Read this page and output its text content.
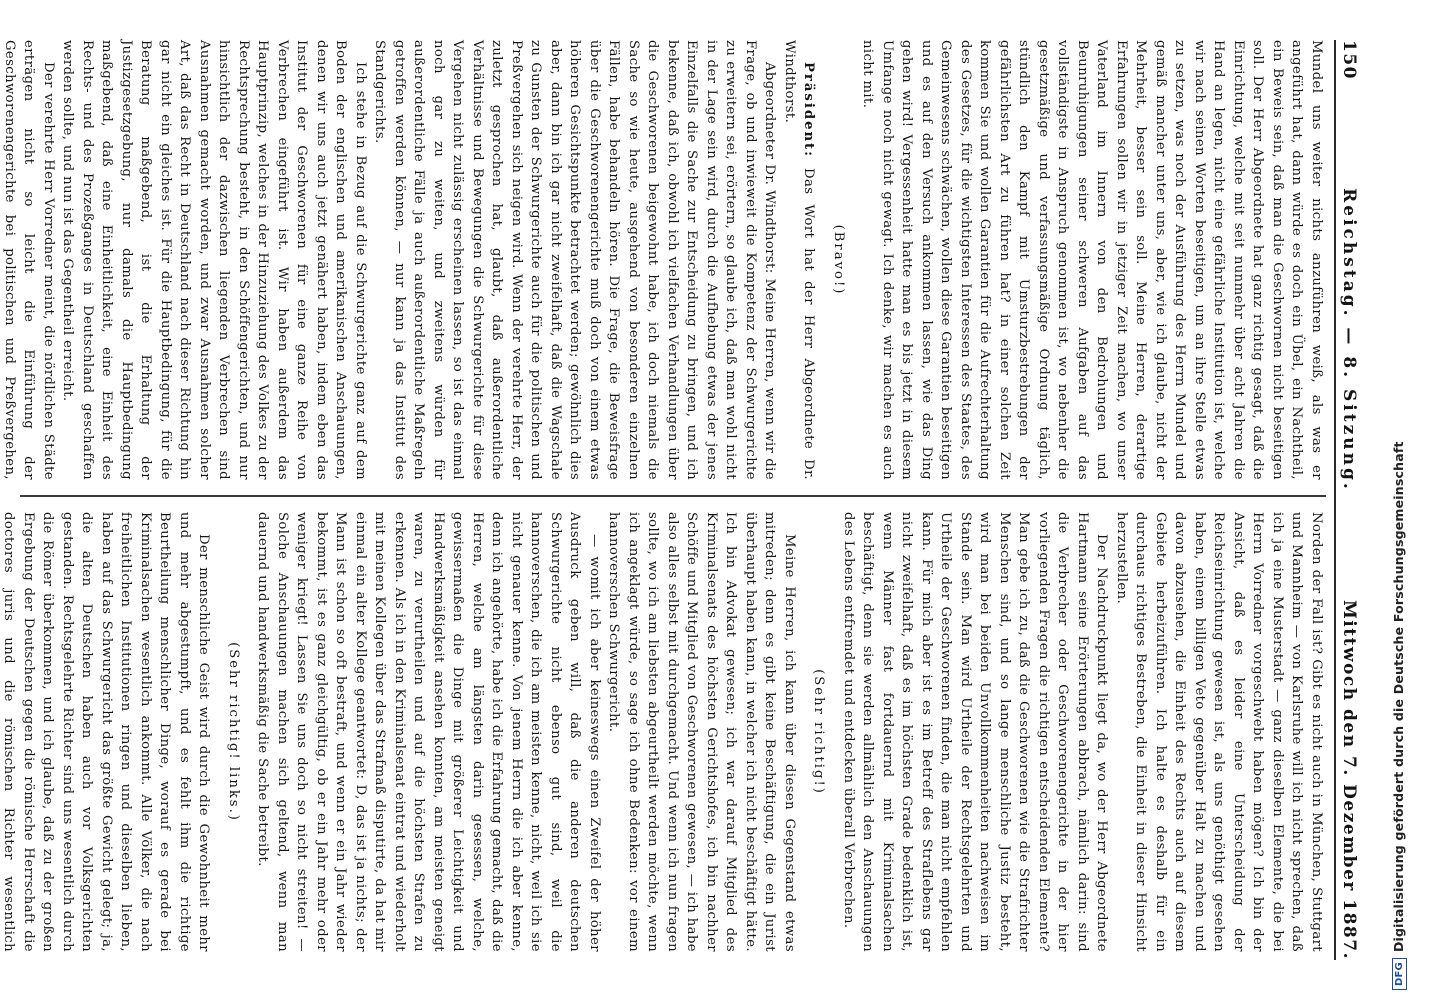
150
Reichstag. — 8. Sitzung.
Mittwoch den 7. Dezember 1887.

Mundel uns weiter nichts anzuführen weiß, als was er angeführt hat, dann würde es doch ein Übel, ein Nachtheil, ein Beweis sein, daß man die Geschwornen nicht beseitigen soll. Der Herr Abgeordnete hat ganz richtig gesagt, daß die Einrichtung, welche mit seit nunmehr über acht Jahren die Hand an legen, nicht eine gefährliche Institution ist, welche wir nach seinen Worten beseitigen, um an ihre Stelle etwas zu setzen, was noch der Ausführung des Herrn Mundel und gemäß mancher unter uns, aber, wie ich glaube, nicht der Mehrheit, besser sein soll. Meine Herren, derartige Erfahrungen sollen wir in jetziger Zeit machen, wo unser Vaterland im Innern von den Bedrohungen und Beunruhigungen seiner schweren Aufgaben auf das vollständigste in Anspruch genommen ist, wo nebenher die gesetzmäßige und verfassungsmäßige Ordnung täglich, stündlich den Kampf mit Umsturzbestrebungen der gefährlichsten Art zu führen hat? in einer solchen Zeit kommen Sie und wollen Garantien für die Aufrechterhaltung des Gesetzes, für die wichtigsten Interessen des Staates, des Gemeinwesens schwächen, wollen diese Garantien beseitigen und es auf den Versuch ankommen lassen, wie das Ding gehen wird! Vergessenheit hatte man es bis jetzt in diesem Umfange noch nicht gewagt. Ich denke, wir machen es auch nicht mit.

(Bravo!)

Präsident: Das Wort hat der Herr Abgeordnete Dr. Windthorst.

Abgeordneter Dr. Windthorst: Meine Herren, wenn wir die Frage, ob und inwieweit die Kompetenz der Schwurgerichte zu erweitern sei, erörtern, so glaube ich, daß man wohl nicht in der Lage sein wird, durch die Aufhebung etwas der jenes Einzelfalls die Sache zur Entscheidung zu bringen, und ich bekenne, daß ich, obwohl ich vielfachen Verhandlungen über die Geschworenen beigewohnt habe, ich doch niemals die Sache so wie heute, ausgehend von besonderen einzelnen Fällen, habe behandeln hören. Die Frage, die Beweisfrage über die Geschworenengerichte muß doch von einem etwas höheren Gesichtspunkte betrachtet werden; gewöhnlich dies aber, dann bin ich gar nicht zweifelhaft, daß die Wagschale zu Gunsten der Schwurgerichte auch für die politischen und Preßvergehen sich neigen wird. Wenn der verehrte Herr, der zuletzt gesprochen hat, glaubt, daß außerordentliche Verhältnisse und Bewegungen die Schwurgerichte für diese Vergehen nicht zulässig erscheinen lassen, so ist das einmal noch gar zu weiten, und zweitens würden für außerordentliche Fälle ja auch außerordentliche Maßregeln getroffen werden können, — nur kann ja das Institut des Standgerichts.

Ich stehe in Bezug auf die Schwurgerichte ganz auf dem Boden der englischen und amerikanischen Anschauungen, denen wir uns auch jetzt genähert haben, indem eben das Institut der Geschworenen für eine ganze Reihe von Verbrechen eingeführt ist. Wir haben außerdem das Hauptprinzip, welches in der Hinzuziehung des Volkes zu der Rechtsprechung besteht, in den Schöffengerichten, und nur hinsichtlich der dazwischen liegenden Verbrechen sind Ausnahmen gemacht worden, und zwar Ausnahmen solcher Art, daß das Recht in Deutschland nach dieser Richtung hin gar nicht ein gleiches ist. Für die Hauptbedingung, für die Beratung maßgebend, ist die Erhaltung der Justizgesetzgebung, nur damals die Hauptbedingung maßgebend, daß eine Einheitlichkeit, eine Einheit des Rechts- und des Prozeßganges in Deutschland geschaffen werden sollte, und nun ist das Gegentheil erreicht.

Der verehrte Herr Vorredner meint, die nördlichen Städte erträgen nicht so leicht die Einführung der Geschworenengerichte bei politischen und Preßvergehen,

Norden der Fall ist? Gibt es nicht auch in München, Stuttgart und Mannheim — von Karlsruhe will ich nicht sprechen, daß ich ja eine Musterstadt — ganz dieselben Elemente, die bei Herrn Vorredner vorgeschwebt haben mögen? Ich bin der Ansicht, daß es leider eine Unterscheidung der Reichseinrichtung gewesen ist, als uns genöthigt gesehen haben, einem billigen Veto gegenüber Halt zu machen und davon abzusehen, die Einheit des Rechts auch auf diesem Gebiete herbeizuführen. Ich halte es deshalb für ein durchaus richtiges Bestreben, die Einheit in dieser Hinsicht herzustellen.

Der Nachdruckpunkt liegt da, wo der Herr Abgeordnete Hartmann seine Erörterungen abbrach, nämlich darin: sind die Verbrecher oder Geschworenengerichte in der hier vorliegenden Fragen die richtigen entscheidenden Elemente? Man gebe ich zu, daß die Geschworenen wie die Strafrichter Menschen sind, und so lange menschliche Justiz besteht, wird man bei beiden Unvollkommenheiten nachweisen im Stande sein. Man wird Urtheile der Rechtsgelehrten und Urtheile der Geschworenen finden, die man nicht empfehlen kann. Für mich aber ist es im Betreff des Straflebens gar nicht zweifelhaft, daß es im höchsten Grade bedenklich ist, wenn Männer fast fortdauernd mit Kriminalsachen beschäftigt, denn sie werden allmählich den Anschauungen des Lebens entfremdet und entdecken überall Verbrechen.

(Sehr richtig!)

Meine Herren, ich kann über diesen Gegenstand etwas mitreden; denn es gibt keine Beschäftigung, die ein Jurist überhaupt haben kann, in welcher ich nicht beschäftigt hätte. Ich bin Advokat gewesen; ich war darauf Mitglied des Kriminalsenats des höchsten Gerichtshofes, ich bin nachher Schöffe und Mitglied von Geschworenen gewesen, — ich habe also alles selbst mit durchgemacht. Und wenn ich nun fragen sollte, wo ich am liebsten abgeurtheilt werden möchte, wenn ich angeklagt würde, so sage ich ohne Bedenken: vor einem hannoverschen Schwurgericht.

— womit ich aber keineswegs einen Zweifel der höher Ausdruck geben will, daß die anderen deutschen Schwurgerichte nicht ebenso gut sind, weil die hannoverschen, die ich am meisten kenne, nicht, weil ich sie nicht genauer kenne. Von jenem Herrn die ich aber kenne, denn ich angehörte, habe ich die Erfahrung gemacht, daß die Herren, welche am längsten darin gesessen, welche, gewissermaßen die Dinge mit größerer Leichtigkeit und Handwerksmäßigkeit ansehen konnten, am meisten geneigt waren, zu verurtheilen und auf die höchsten Strafen zu erkennen. Als ich in den Kriminalsenat eintrat und wiederholt mit meinen Kollegen über das Strafmaß disputirte, da hat mir einmal ein alter Kollege geantwortet: D, das ist ja nichts; der Mann ist schon so oft bestraft, und wenn er ein Jahr wieder bekommt, ist es ganz gleichgültig, ob er ein Jahr mehr oder weniger kriegt! Lassen Sie uns doch so nicht streiten! — Solche Anschauungen machen sich geltend, wenn man dauernd und handwerksmäßig die Sache betreibt.

(Sehr richtig! links.)

Der menschliche Geist wird durch die Gewohnheit mehr und mehr abgestumpft, und es fehlt ihm die richtige Beurtheilung menschlicher Dinge, worauf es gerade bei Kriminalsachen wesentlich ankommt. Alle Völker, die nach freiheitlichen Institutionen ringen und dieselben lieben, haben auf das Schwurgericht das größte Gewicht gelegt; ja, die alten Deutschen haben auch vor Volksgerichten gestanden. Rechtsgelehrte Richter sind uns wesentlich durch die Römer überkommen, und ich glaube, daß zu der großen Ergebung der Deutschen gegen die römische Herrschaft die doctores juris und die römischen Richter wesentlich

DFGDigitalisierung gefördert durch die Deutsche Forschungsgemeinschaft
